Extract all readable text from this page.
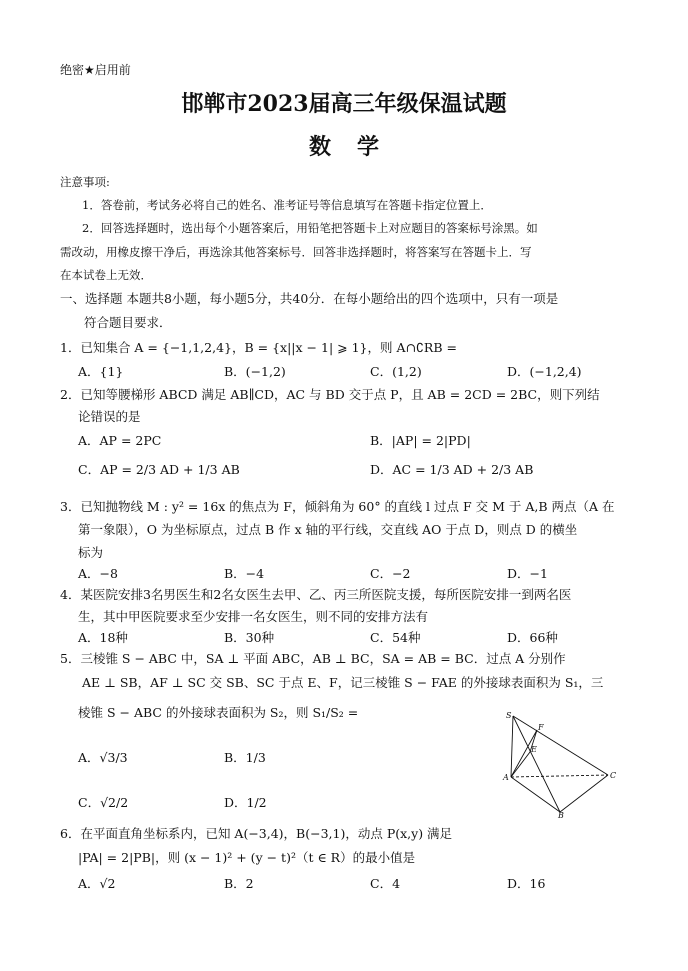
绝密★启用前
邯郸市2023届高三年级保温试题
数学
注意事项:
1．答卷前，考试务必将自己的姓名、准考证号等信息填写在答题卡指定位置上．
2．回答选择题时，选出每个小题答案后，用铅笔把答题卡上对应题目的答案标号涂黑。如
需改动，用橡皮擦干净后，再选涂其他答案标号．回答非选择题时，将答案写在答题卡上．写
在本试卷上无效．
一、选择题 本题共8小题，每小题5分，共40分．在每小题给出的四个选项中，只有一项是
符合题目要求．
1．已知集合 A = {−1,1,2,4}，B = {x||x − 1| ⩾ 1}，则 A∩∁RB =
A．{1}	B．(−1,2)	C．(1,2)	D．(−1,2,4)
2．已知等腰梯形 ABCD 满足 AB∥CD，AC 与 BD 交于点 P，且 AB = 2CD = 2BC，则下列结
论错误的是
A．AP = 2PC	B．|AP| = 2|PD|
C．AP = 2/3 AD + 1/3 AB	D．AC = 1/3 AD + 2/3 AB
3．已知抛物线 M : y² = 16x 的焦点为 F，倾斜角为 60° 的直线 l 过点 F 交 M 于 A,B 两点（A 在
第一象限），O 为坐标原点，过点 B 作 x 轴的平行线，交直线 AO 于点 D，则点 D 的横坐
标为
A．−8	B．−4	C．−2	D．−1
4．某医院安排3名男医生和2名女医生去甲、乙、丙三所医院支援，每所医院安排一到两名医
生，其中甲医院要求至少安排一名女医生，则不同的安排方法有
A．18种	B．30种	C．54种	D．66种
5．三棱锥 S − ABC 中，SA ⊥ 平面 ABC，AB ⊥ BC，SA = AB = BC．过点 A 分别作
AE ⊥ SB，AF ⊥ SC 交 SB、SC 于点 E、F，记三棱锥 S − FAE 的外接球表面积为 S₁，三
棱锥 S − ABC 的外接球表面积为 S₂，则 S₁/S₂ =
A．√3/3	B．1/3
C．√2/2	D．1/2
S
F
E
A
B
C
6．在平面直角坐标系内，已知 A(−3,4)，B(−3,1)，动点 P(x,y) 满足
|PA| = 2|PB|，则 (x − 1)² + (y − t)²（t ∈ R）的最小值是
A．√2	B．2	C．4	D．16
